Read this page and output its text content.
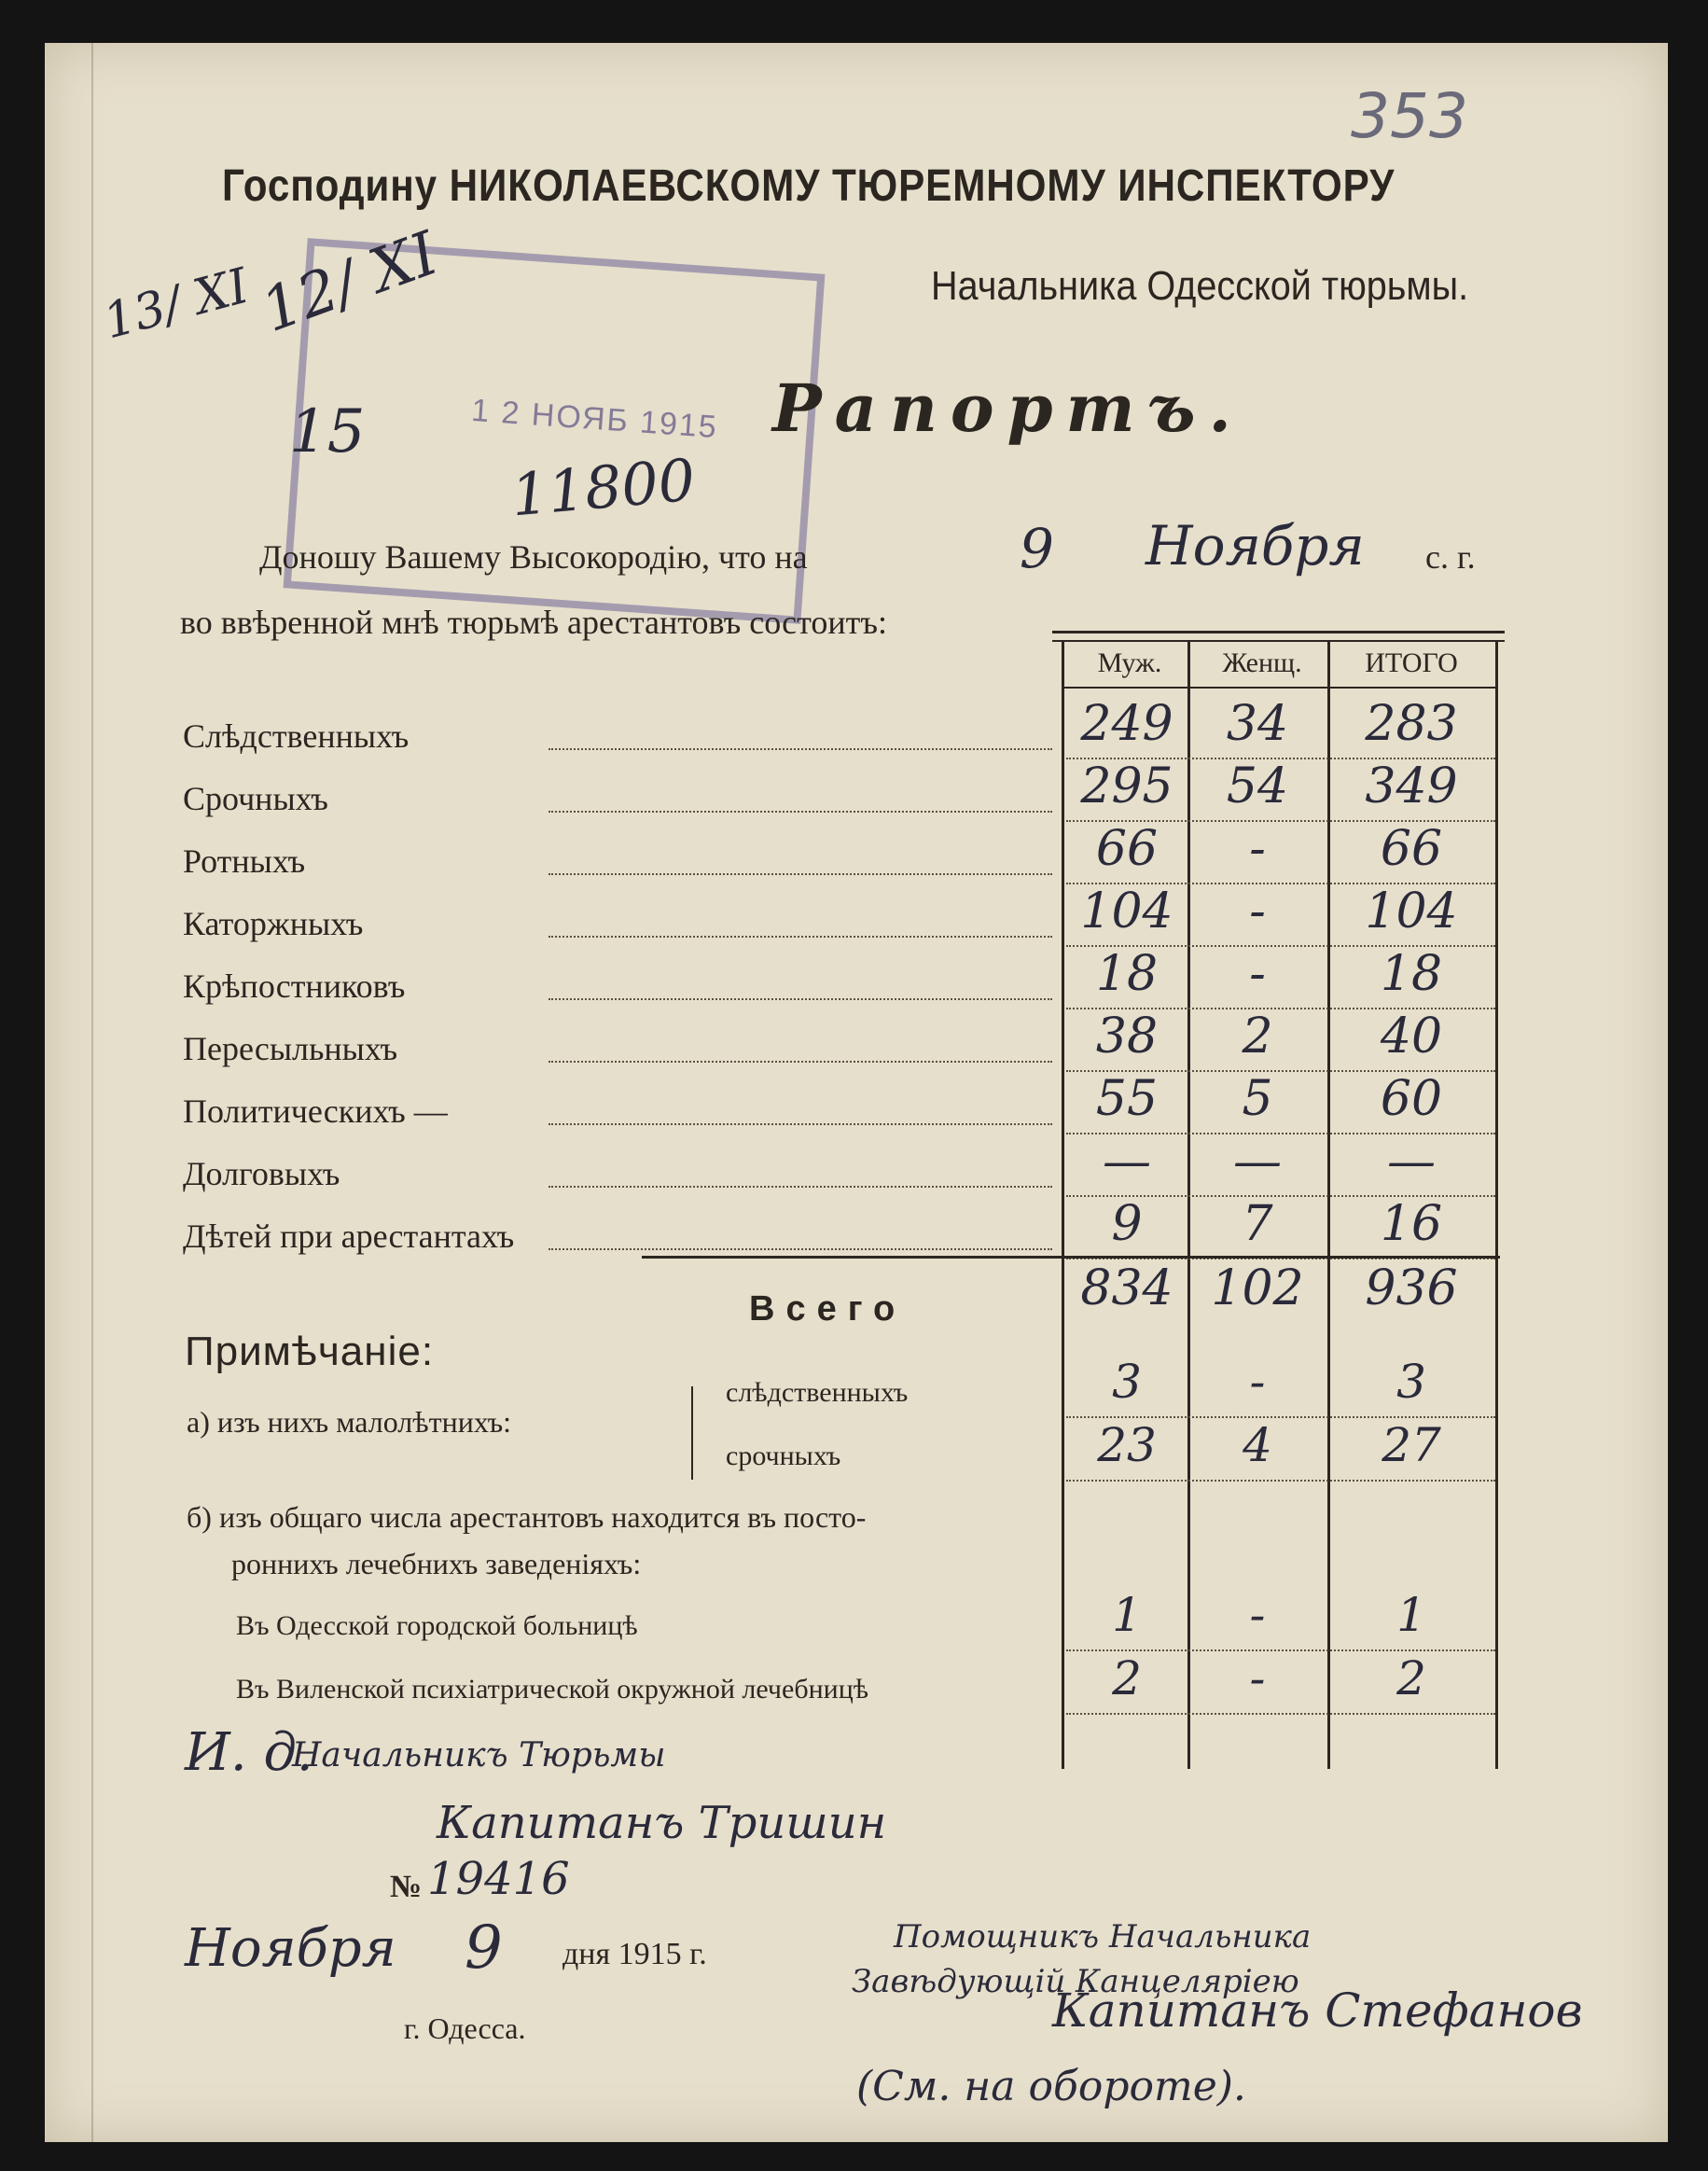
353
Господину НИКОЛАЕВСКОМУ ТЮРЕМНОМУ ИНСПЕКТОРУ
Начальника Одесской тюрьмы.
1 2 НОЯБ 1915
13/ XI
12/ XI
15
11800
Рапортъ.
Доношу Вашему Высокородію, что на	9 Ноября с. г.
во ввѣренной мнѣ тюрьмѣ арестантовъ состоитъ:
Муж.	Женщ.	ИТОГО
Слѣдственныхъ	249	34	283
Срочныхъ	295	54	349
Ротныхъ	66	-	66
Каторжныхъ	104	-	104
Крѣпостниковъ	18	-	18
Пересыльныхъ	38	2	40
Политическихъ —	55	5	60
Долговыхъ	—	—	—
Дѣтей при арестантахъ	9	7	16
Всего	834 102 936
Примѣчаніе:
а) изъ нихъ малолѣтнихъ:
слѣдственныхъ	3	-	3
срочныхъ	23	4	27
б) изъ общаго числа арестантовъ находится въ посто-
роннихъ лечебнихъ заведеніяхъ:
Въ Одесской городской больницѣ	1	-	1
Въ Виленской психіатрической окружной лечебницѣ	2	-	2
И. д.
Начальникъ Тюрьмы
Капитанъ Тришин
№ 19416
Ноября 9 дня 1915 г.
г. Одесса.
Помощникъ Начальника
Завѣдующій Канцеляріею
Капитанъ Стефанов
(См. на обороте).
